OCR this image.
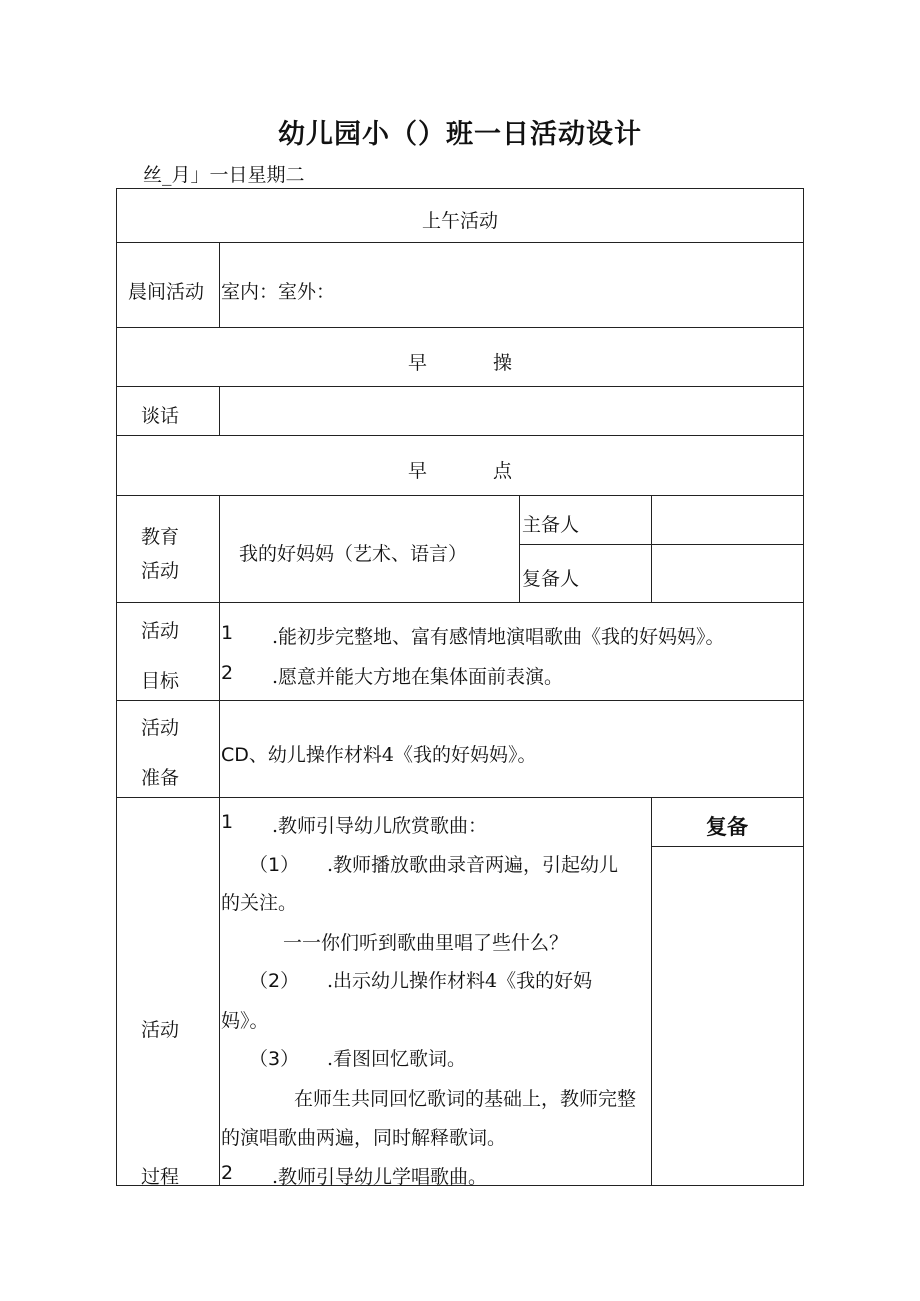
幼儿园小（）班一日活动设计
丝_月」一日星期二
上午活动
晨间活动 室内：室外：
早	操
谈话
早	点
教育
活动
我的好妈妈（艺术、语言）
主备人
复备人
活动
目标
1 .能初步完整地、富有感情地演唱歌曲《我的好妈妈》。
2 .愿意并能大方地在集体面前表演。
活动
准备
CD、幼儿操作材料4《我的好妈妈》。
活动
过程
复备
1 .教师引导幼儿欣赏歌曲：
（1） .教师播放歌曲录音两遍，引起幼儿
的关注。
一一你们听到歌曲里唱了些什么？
（2） .出示幼儿操作材料4《我的好妈
妈》。
（3） .看图回忆歌词。
在师生共同回忆歌词的基础上，教师完整
的演唱歌曲两遍，同时解释歌词。
2 .教师引导幼儿学唱歌曲。
